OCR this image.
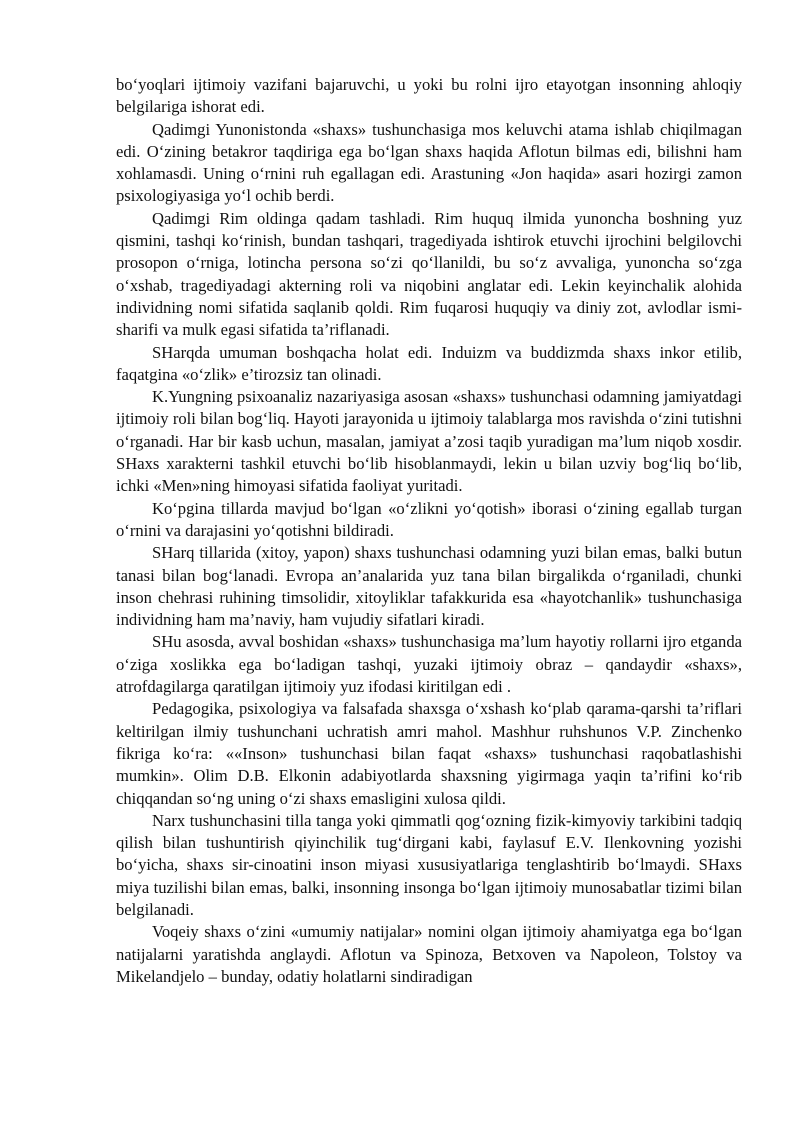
bo‘yoqlari ijtimoiy vazifani bajaruvchi, u yoki bu rolni ijro etayotgan insonning ahloqiy belgilariga ishorat edi.

Qadimgi Yunonistonda «shaxs» tushunchasiga mos keluvchi atama ishlab chiqilmagan edi. O‘zining betakror taqdiriga ega bo‘lgan shaxs haqida Aflotun bilmas edi, bilishni ham xohlamasdi. Uning o‘rnini ruh egallagan edi. Arastuning «Jon haqida» asari hozirgi zamon psixologiyasiga yo‘l ochib berdi.

Qadimgi Rim oldinga qadam tashladi. Rim huquq ilmida yunoncha boshning yuz qismini, tashqi ko‘rinish, bundan tashqari, tragediyada ishtirok etuvchi ijrochini belgilovchi prosopon o‘rniga, lotincha persona so‘zi qo‘llanildi, bu so‘z avvaliga, yunoncha so‘zga o‘xshab, tragediyadagi akterning roli va niqobini anglatar edi. Lekin keyinchalik alohida individning nomi sifatida saqlanib qoldi. Rim fuqarosi huquqiy va diniy zot, avlodlar ismi-sharifi va mulk egasi sifatida ta’riflanadi.

SHarqda umuman boshqacha holat edi. Induizm va buddizmda shaxs inkor etilib, faqatgina «o‘zlik» e’tirozsiz tan olinadi.

K.Yungning psixoanaliz nazariyasiga asosan «shaxs» tushunchasi odamning jamiyatdagi ijtimoiy roli bilan bog‘liq. Hayoti jarayonida u ijtimoiy talablarga mos ravishda o‘zini tutishni o‘rganadi. Har bir kasb uchun, masalan, jamiyat a’zosi taqib yuradigan ma’lum niqob xosdir. SHaxs xarakterni tashkil etuvchi bo‘lib hisoblanmaydi, lekin u bilan uzviy bog‘liq bo‘lib, ichki «Men»ning himoyasi sifatida faoliyat yuritadi.

Ko‘pgina tillarda mavjud bo‘lgan «o‘zlikni yo‘qotish» iborasi o‘zining egallab turgan o‘rnini va darajasini yo‘qotishni bildiradi.

SHarq tillarida (xitoy, yapon) shaxs tushunchasi odamning yuzi bilan emas, balki butun tanasi bilan bog‘lanadi. Evropa an’analarida yuz tana bilan birgalikda o‘rganiladi, chunki inson chehrasi ruhining timsolidir, xitoyliklar tafakkurida esa «hayotchanlik» tushunchasiga individning ham ma’naviy, ham vujudiy sifatlari kiradi.

SHu asosda, avval boshidan «shaxs» tushunchasiga ma’lum hayotiy rollarni ijro etganda o‘ziga xoslikka ega bo‘ladigan tashqi, yuzaki ijtimoiy obraz – qandaydir «shaxs», atrofdagilarga qaratilgan ijtimoiy yuz ifodasi kiritilgan edi .

Pedagogika, psixologiya va falsafada shaxsga o‘xshash ko‘plab qarama-qarshi ta’riflari keltirilgan ilmiy tushunchani uchratish amri mahol. Mashhur ruhshunos V.P. Zinchenko fikriga ko‘ra: ««Inson» tushunchasi bilan faqat «shaxs» tushunchasi raqobatlashishi mumkin». Olim D.B. Elkonin adabiyotlarda shaxsning yigirmaga yaqin ta’rifini ko‘rib chiqqandan so‘ng uning o‘zi shaxs emasligini xulosa qildi.

Narx tushunchasini tilla tanga yoki qimmatli qog‘ozning fizik-kimyoviy tarkibini tadqiq qilish bilan tushuntirish qiyinchilik tug‘dirgani kabi, faylasuf E.V. Ilenkovning yozishi bo‘yicha, shaxs sir-cinoatini inson miyasi xususiyatlariga tenglashtirib bo‘lmaydi. SHaxs miya tuzilishi bilan emas, balki, insonning insonga bo‘lgan ijtimoiy munosabatlar tizimi bilan belgilanadi.

Voqeiy shaxs o‘zini «umumiy natijalar» nomini olgan ijtimoiy ahamiyatga ega bo‘lgan natijalarni yaratishda anglaydi. Aflotun va Spinoza, Betxoven va Napoleon, Tolstoy va Mikelandjelo – bunday, odatiy holatlarni sindiradigan
